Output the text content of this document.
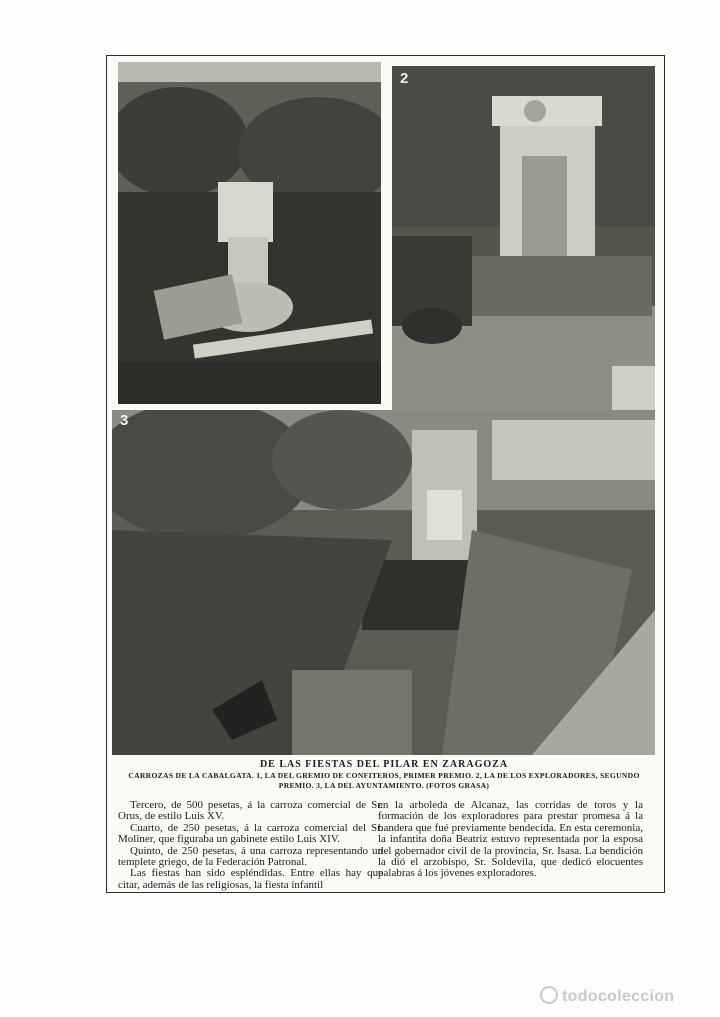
2
3
DE LAS FIESTAS DEL PILAR EN ZARAGOZA
CARROZAS DE LA CABALGATA. 1, LA DEL GREMIO DE CONFITEROS, PRIMER PREMIO. 2, LA DE LOS EXPLORADORES, SEGUNDO PREMIO. 3, LA DEL AYUNTAMIENTO. (FOTOS GRASA)

Tercero, de 500 pesetas, á la carroza comercial de Sr. Orus, de estilo Luis XV.

Cuarto, de 250 pesetas, á la carroza comercial del Sr. Moliner, que figuraba un gabinete estilo Luis XIV.

Quinto, de 250 pesetas, á una carroza representando un templete griego, de la Federación Patronal.

Las fiestas han sido espléndidas. Entre ellas hay que citar, además de las religiosas, la fiesta infantil

en la arboleda de Alcanaz, las corridas de toros y la formación de los exploradores para prestar promesa á la bandera que fué previamente bendecida. En esta ceremonia, la infantita doña Beatriz estuvo representada por la esposa del gobernador civil de la provincia, Sr. Isasa. La bendición la dió el arzobispo, Sr. Soldevila, que dedicó elocuentes palabras á los jóvenes exploradores.

todocoleccion
